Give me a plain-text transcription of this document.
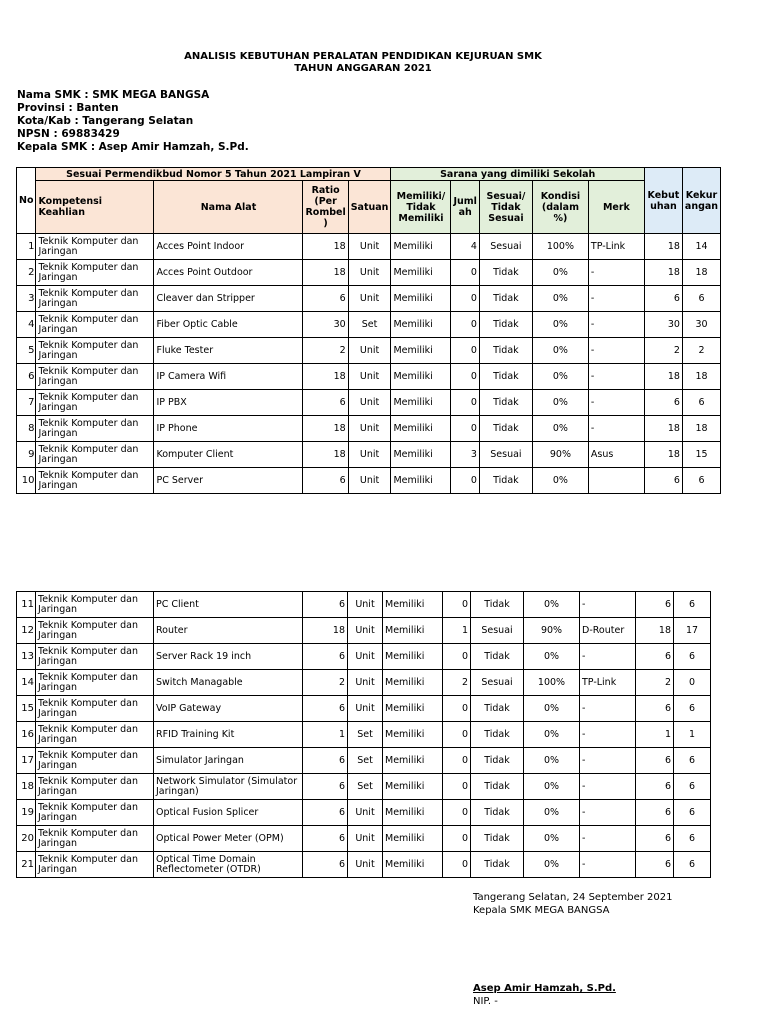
ANALISIS KEBUTUHAN PERALATAN PENDIDIKAN KEJURUAN SMK
TAHUN ANGGARAN 2021
Nama SMK : SMK MEGA BANGSA
Provinsi : Banten
Kota/Kab : Tangerang Selatan
NPSN : 69883429
Kepala SMK : Asep Amir Hamzah, S.Pd.
No	Sesuai Permendikbud Nomor 5 Tahun 2021 Lampiran V				Sarana yang dimiliki Sekolah					Kebut uhan	Kekur angan
	Kompetensi Keahlian	Nama Alat	Ratio (Per Rombel )	Satuan	Memiliki/ Tidak Memiliki	Juml ah	Sesuai/ Tidak Sesuai	Kondisi (dalam %)	Merk		
1	Teknik Komputer dan Jaringan	Acces Point Indoor	18	Unit	Memiliki	4	Sesuai	100%	TP-Link	18	14
2	Teknik Komputer dan Jaringan	Acces Point Outdoor	18	Unit	Memiliki	0	Tidak	0%	-	18	18
3	Teknik Komputer dan Jaringan	Cleaver dan Stripper	6	Unit	Memiliki	0	Tidak	0%	-	6	6
4	Teknik Komputer dan Jaringan	Fiber Optic Cable	30	Set	Memiliki	0	Tidak	0%	-	30	30
5	Teknik Komputer dan Jaringan	Fluke Tester	2	Unit	Memiliki	0	Tidak	0%	-	2	2
6	Teknik Komputer dan Jaringan	IP Camera Wifi	18	Unit	Memiliki	0	Tidak	0%	-	18	18
7	Teknik Komputer dan Jaringan	IP PBX	6	Unit	Memiliki	0	Tidak	0%	-	6	6
8	Teknik Komputer dan Jaringan	IP Phone	18	Unit	Memiliki	0	Tidak	0%	-	18	18
9	Teknik Komputer dan Jaringan	Komputer Client	18	Unit	Memiliki	3	Sesuai	90%	Asus	18	15
10	Teknik Komputer dan Jaringan	PC Server	6	Unit	Memiliki	0	Tidak	0%		6	6
11	Teknik Komputer dan Jaringan	PC Client	6	Unit	Memiliki	0	Tidak	0%	-	6	6
12	Teknik Komputer dan Jaringan	Router	18	Unit	Memiliki	1	Sesuai	90%	D-Router	18	17
13	Teknik Komputer dan Jaringan	Server Rack 19 inch	6	Unit	Memiliki	0	Tidak	0%	-	6	6
14	Teknik Komputer dan Jaringan	Switch Managable	2	Unit	Memiliki	2	Sesuai	100%	TP-Link	2	0
15	Teknik Komputer dan Jaringan	VoIP Gateway	6	Unit	Memiliki	0	Tidak	0%	-	6	6
16	Teknik Komputer dan Jaringan	RFID Training Kit	1	Set	Memiliki	0	Tidak	0%	-	1	1
17	Teknik Komputer dan Jaringan	Simulator Jaringan	6	Set	Memiliki	0	Tidak	0%	-	6	6
18	Teknik Komputer dan Jaringan	Network Simulator (Simulator Jaringan)	6	Set	Memiliki	0	Tidak	0%	-	6	6
19	Teknik Komputer dan Jaringan	Optical Fusion Splicer	6	Unit	Memiliki	0	Tidak	0%	-	6	6
20	Teknik Komputer dan Jaringan	Optical Power Meter (OPM)	6	Unit	Memiliki	0	Tidak	0%	-	6	6
21	Teknik Komputer dan Jaringan	Optical Time Domain Reflectometer (OTDR)	6	Unit	Memiliki	0	Tidak	0%	-	6	6
Tangerang Selatan, 24 September 2021
Kepala SMK MEGA BANGSA
Asep Amir Hamzah, S.Pd.
NIP. -
